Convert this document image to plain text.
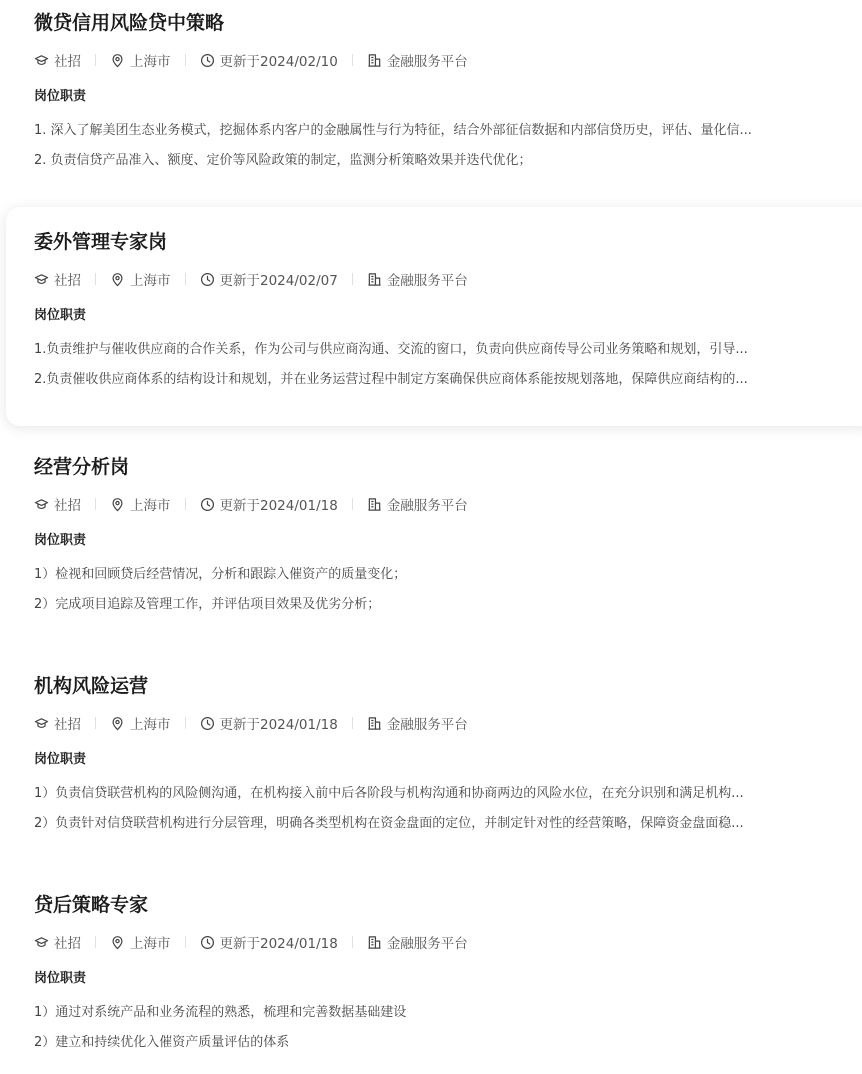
微贷信用风险贷中策略
社招	上海市	更新于2024/02/10	金融服务平台
岗位职责
1. 深入了解美团生态业务模式，挖掘体系内客户的金融属性与行为特征，结合外部征信数据和内部信贷历史，评估、量化信...
2. 负责信贷产品准入、额度、定价等风险政策的制定，监测分析策略效果并迭代优化；
委外管理专家岗
社招	上海市	更新于2024/02/07	金融服务平台
岗位职责
1.负责维护与催收供应商的合作关系，作为公司与供应商沟通、交流的窗口，负责向供应商传导公司业务策略和规划，引导...
2.负责催收供应商体系的结构设计和规划，并在业务运营过程中制定方案确保供应商体系能按规划落地，保障供应商结构的...
经营分析岗
社招	上海市	更新于2024/01/18	金融服务平台
岗位职责
1）检视和回顾贷后经营情况，分析和跟踪入催资产的质量变化；
2）完成项目追踪及管理工作，并评估项目效果及优劣分析；
机构风险运营
社招	上海市	更新于2024/01/18	金融服务平台
岗位职责
1）负责信贷联营机构的风险侧沟通，在机构接入前中后各阶段与机构沟通和协商两边的风险水位，在充分识别和满足机构...
2）负责针对信贷联营机构进行分层管理，明确各类型机构在资金盘面的定位，并制定针对性的经营策略，保障资金盘面稳...
贷后策略专家
社招	上海市	更新于2024/01/18	金融服务平台
岗位职责
1）通过对系统产品和业务流程的熟悉，梳理和完善数据基础建设
2）建立和持续优化入催资产质量评估的体系
